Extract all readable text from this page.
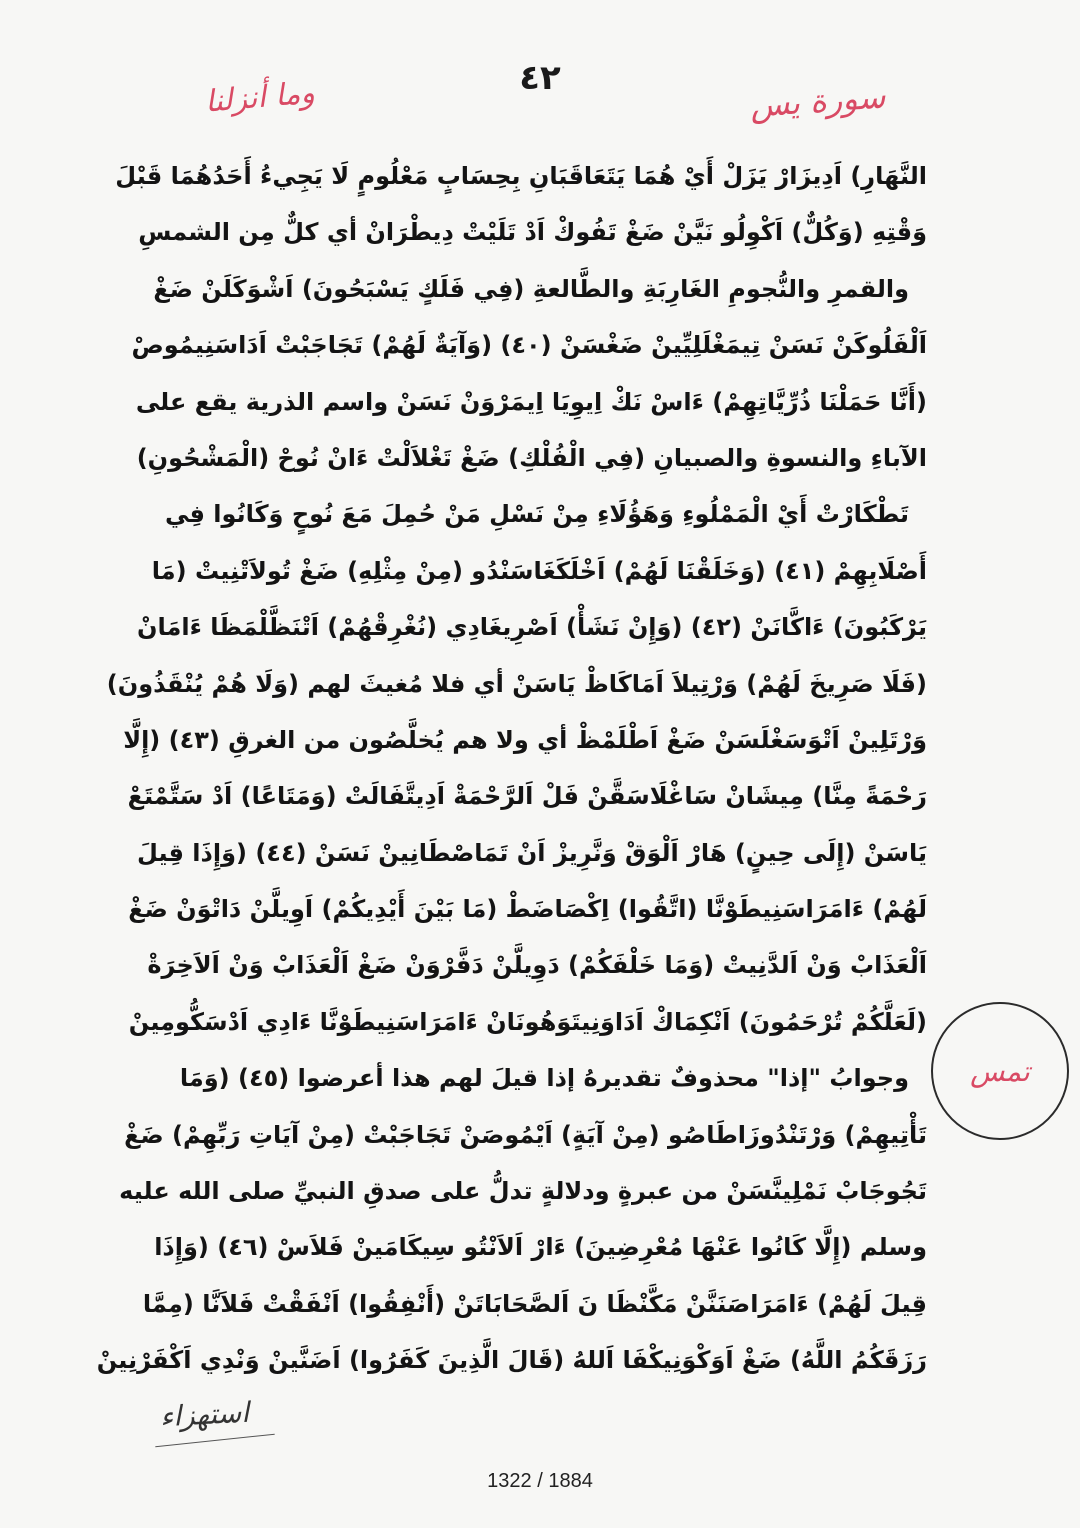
٤٢	سورة يس
وما أنزلنا
النَّهَارِ) اَدِيزَارْ يَزَلْ أَيْ هُمَا يَتَعَاقَبَانِ بِحِسَابٍ مَعْلُومٍ لَا يَجِيءُ أَحَدُهُمَا قَبْلَ
وَقْتِهِ (وَكُلٌّ) اَكْوِلُو نَيَّنْ ضَغْ تَفُوكْ اَدْ تَلَيْتْ دِيطْرَانْ أي كلٌّ مِن الشمسِ
والقمرِ والنُّجومِ الغَارِبَةِ والطَّالعةِ (فِي فَلَكٍ يَسْبَحُونَ) اَشْوَكَلَنْ ضَغْ
اَلْفَلُوكَنْ نَسَنْ تِيمَغْلَلِيِّينْ ضَغْسَنْ (٤٠) (وَآيَةٌ لَهُمْ) تَجَاجَبْتْ اَدَاسَنِيمُوصْ
(أَنَّا حَمَلْنَا ذُرِّيَّاتِهِمْ) ءَاسْ نَكْ اِيوِيَا اِيمَرْوَنْ نَسَنْ واسم الذرية يقع على
الآباءِ والنسوةِ والصبيانِ (فِي الْفُلْكِ) ضَغْ تَغْلاَلْتْ ءَانْ نُوحْ (الْمَشْحُونِ)
تَطْكَارْتْ أَيْ الْمَمْلُوءِ وَهَؤُلَاءِ مِنْ نَسْلِ مَنْ حُمِلَ مَعَ نُوحٍ وَكَانُوا فِي
أَصْلَابِهِمْ (٤١) (وَخَلَقْنَا لَهُمْ) اَخْلَكَغَاسَنْدُو (مِنْ مِثْلِهِ) ضَغْ تُولاَتْنِيتْ (مَا
يَرْكَبُونَ) ءَاكَّانَنْ (٤٢) (وَإِنْ نَشَأْ) اَصْرِيغَادِي (نُغْرِقْهُمْ) اَتْنَظَّلْمَظَا ءَامَانْ
(فَلَا صَرِيخَ لَهُمْ) وَرْتِيلاَ اَمَاكَاظْ يَاسَنْ أي فلا مُغيثَ لهم (وَلَا هُمْ يُنْقَذُونَ)
وَرْتَلِينْ اَتْوَسَغْلَسَنْ ضَغْ اَطْلَمْظْ أي ولا هم يُخلَّصُون من الغرقِ (٤٣) (إِلَّا
رَحْمَةً مِنَّا) مِيشَانْ سَاغْلَاسَقَّنْ فَلْ اَلرَّحْمَةْ اَدِيتَّفَالَتْ (وَمَتَاعًا) اَدْ سَتَّمْتَعْ
يَاسَنْ (إِلَى حِينٍ) هَارْ اَلْوَقْ وَنَّرِيزْ اَنْ تَمَاصْطَانِينْ نَسَنْ (٤٤) (وَإِذَا قِيلَ
لَهُمْ) ءَامَرَاسَنِيطَوْنَّا (اتَّقُوا) اِكْصَاضَطْ (مَا بَيْنَ أَيْدِيكُمْ) اَوِيلَّنْ دَاتْوَنْ ضَغْ
اَلْعَذَابْ وَنْ اَلدَّنِيتْ (وَمَا خَلْفَكُمْ) دَوِيلَّنْ دَفَّرْوَنْ ضَغْ اَلْعَذَابْ وَنْ اَلاَخِرَةْ
(لَعَلَّكُمْ تُرْحَمُونَ) اَنْكِمَاكْ اَدَاوَنِيتَوَهُونَانْ ءَامَرَاسَنِيطَوْنَّا ءَادِي اَدْسَكُّومِينْ
وجوابُ "إذا" محذوفٌ تقديرهُ إذا قيلَ لهم هذا أعرضوا (٤٥) (وَمَا
تَأْتِيهِمْ) وَرْتَنْدُوزَاطَاصُو (مِنْ آيَةٍ) اَيْمُوصَنْ تَجَاجَبْتْ (مِنْ آيَاتِ رَبِّهِمْ) ضَغْ
تَجُوجَابْ نَمْلِينَّسَنْ من عبرةٍ ودلالةٍ تدلُّ على صدقِ النبيِّ صلى الله عليه
وسلم (إِلَّا كَانُوا عَنْهَا مُعْرِضِينَ) ءَارْ اَلاَنْتُو سِيكَامَينْ فَلاَسْ (٤٦) (وَإِذَا
قِيلَ لَهُمْ) ءَامَرَاصَنَنَّنْ مَكَّنْظَا نَ اَلصَّحَابَاتَنْ (أَنْفِقُوا) اَنْفَقْتْ فَلاَنَّا (مِمَّا
رَزَقَكُمُ اللَّهُ) ضَغْ اَوَكْوَنِيكْفَا اَللهُ (قَالَ الَّذِينَ كَفَرُوا) اَضَنَّينْ وَنْدِي اَكْفَرْنِينْ
تمس
استهزاء
1322 / 1884
